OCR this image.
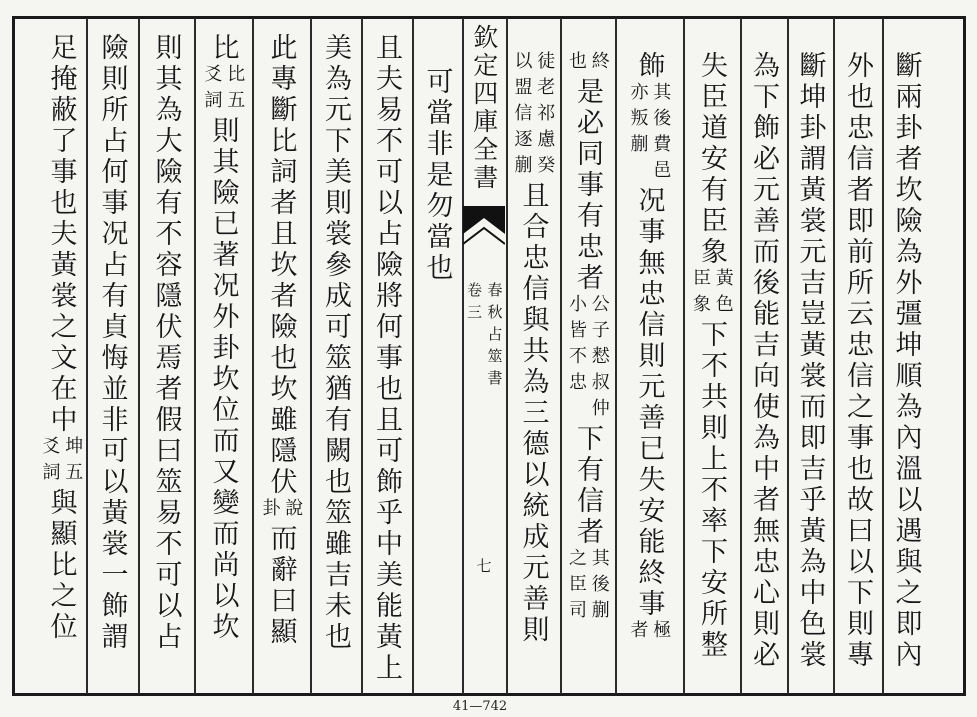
斷兩卦者坎險為外彊坤順為內溫以遇與之即內
外也忠信者即前所云忠信之事也故曰以下則專
斷坤卦謂黃裳元吉豈黃裳而即吉乎黃為中色裳
為下飾必元善而後能吉向使為中者無忠心則必
失臣道安有臣象
黃色
臣象
下不共則上不率下安所整
飾
其後費邑
亦叛蒯
况事無忠信則元善已失安能終事
極
者
終
也
是必同事有忠者
公子慭叔仲
小皆不忠
下有信者
其後蒯
之臣司
徒老祁慮癸
以盟信逐蒯
且合忠信與共為三德以統成元善則
欽定四庫全書
春秋占筮書
卷三
七
可當非是勿當也
且夫易不可以占險將何事也且可飾乎中美能黃上
美為元下美則裳參成可筮猶有闕也筮雖吉未也
此專斷比詞者且坎者險也坎雖隱伏
說
卦
而辭曰顯
比
比五
爻詞
則其險已著况外卦坎位而又變而尚以坎
則其為大險有不容隱伏焉者假曰筮易不可以占
險則所占何事况占有貞悔並非可以黃裳一飾謂
足掩蔽了事也夫黃裳之文在中
坤五
爻詞
與顯比之位
41—742
